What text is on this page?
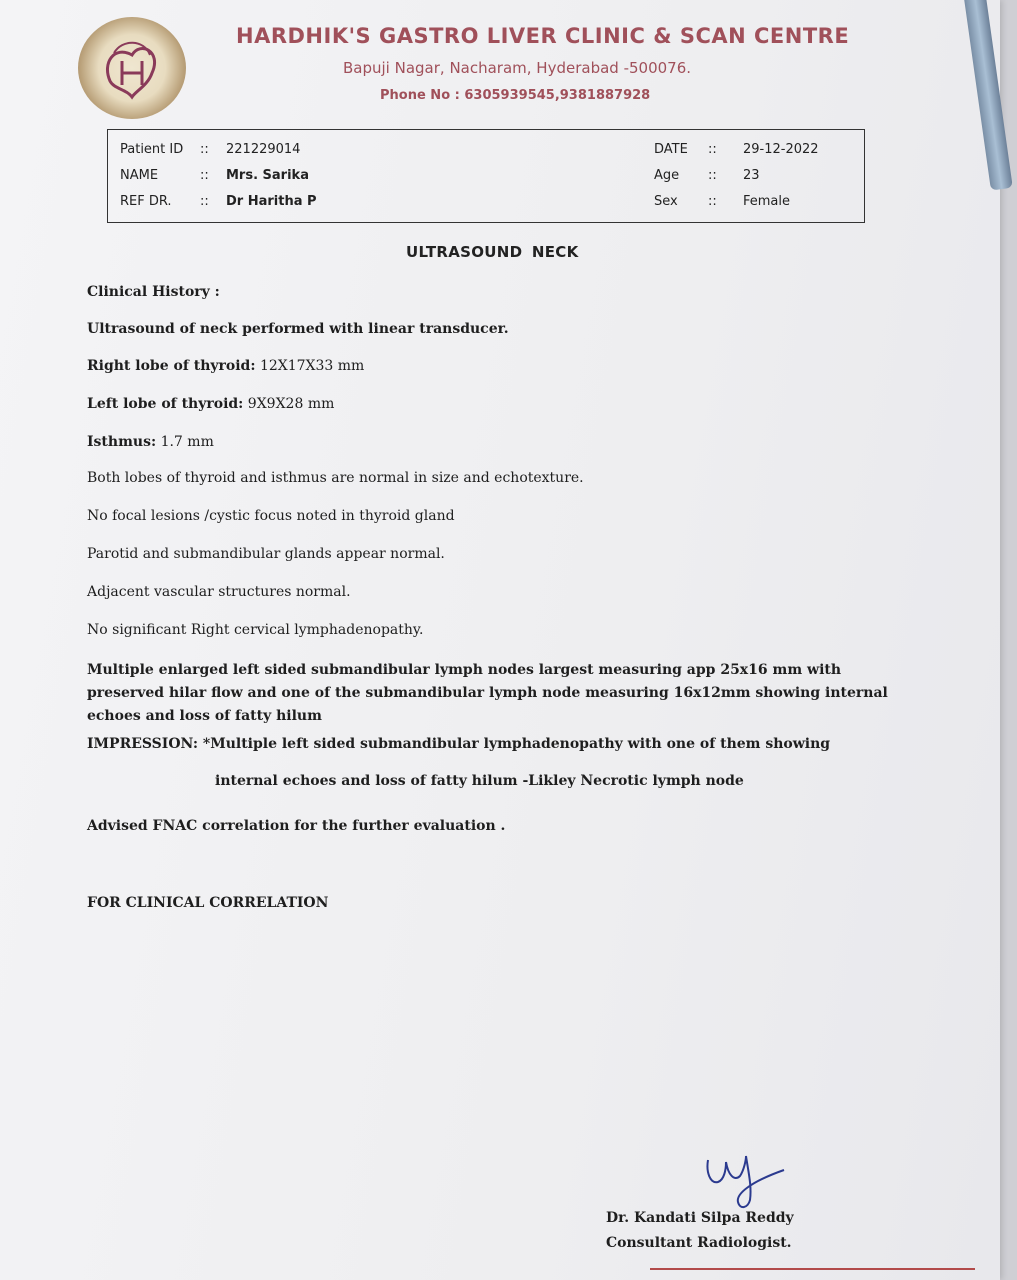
HARDHIK'S GASTRO LIVER CLINIC & SCAN CENTRE
Bapuji Nagar, Nacharam, Hyderabad -500076.
Phone No : 6305939545,9381887928
Patient ID :: 221229014
NAME	:: Mrs. Sarika
REF DR. :: Dr Haritha P
DATE :: 29-12-2022
Age :: 23
Sex :: Female
ULTRASOUND NECK
Clinical History :
Ultrasound of neck performed with linear transducer.
Right lobe of thyroid: 12X17X33 mm
Left lobe of thyroid: 9X9X28 mm
Isthmus: 1.7 mm
Both lobes of thyroid and isthmus are normal in size and echotexture.
No focal lesions /cystic focus noted in thyroid gland
Parotid and submandibular glands appear normal.
Adjacent vascular structures normal.
No significant Right cervical lymphadenopathy.
Multiple enlarged left sided submandibular lymph nodes largest measuring app 25x16 mm with preserved hilar flow and one of the submandibular lymph node measuring 16x12mm showing internal echoes and loss of fatty hilum
IMPRESSION: *Multiple left sided submandibular lymphadenopathy with one of them showing
internal echoes and loss of fatty hilum -Likley Necrotic lymph node
Advised FNAC correlation for the further evaluation .
FOR CLINICAL CORRELATION
Dr. Kandati Silpa Reddy
Consultant Radiologist.
